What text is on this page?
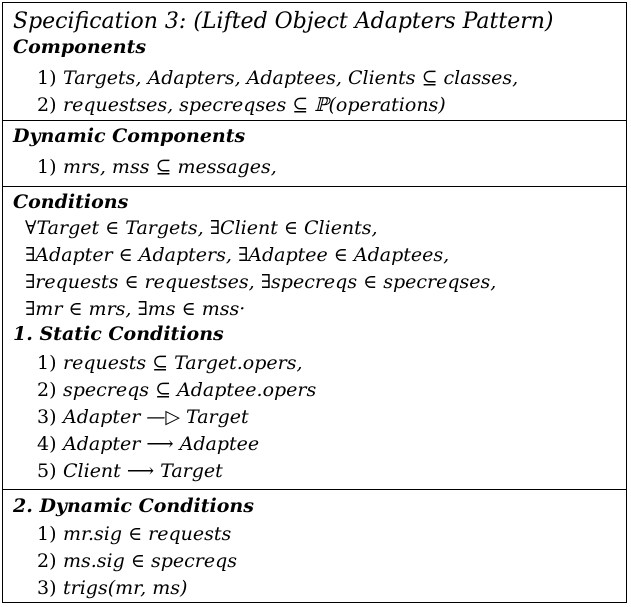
Specification 3: (Lifted Object Adapters Pattern)
Components
1) Targets, Adapters, Adaptees, Clients ⊆ classes,
2) requestses, specreqses ⊆ ℙ(operations)
Dynamic Components
1) mrs, mss ⊆ messages,
Conditions
∀Target ∈ Targets, ∃Client ∈ Clients,
∃Adapter ∈ Adapters, ∃Adaptee ∈ Adaptees,
∃requests ∈ requestses, ∃specreqs ∈ specreqses,
∃mr ∈ mrs, ∃ms ∈ mss·
1. Static Conditions
1) requests ⊆ Target.opers,
2) specreqs ⊆ Adaptee.opers
3) Adapter —▷ Target
4) Adapter ⟶ Adaptee
5) Client ⟶ Target
2. Dynamic Conditions
1) mr.sig ∈ requests
2) ms.sig ∈ specreqs
3) trigs(mr, ms)
